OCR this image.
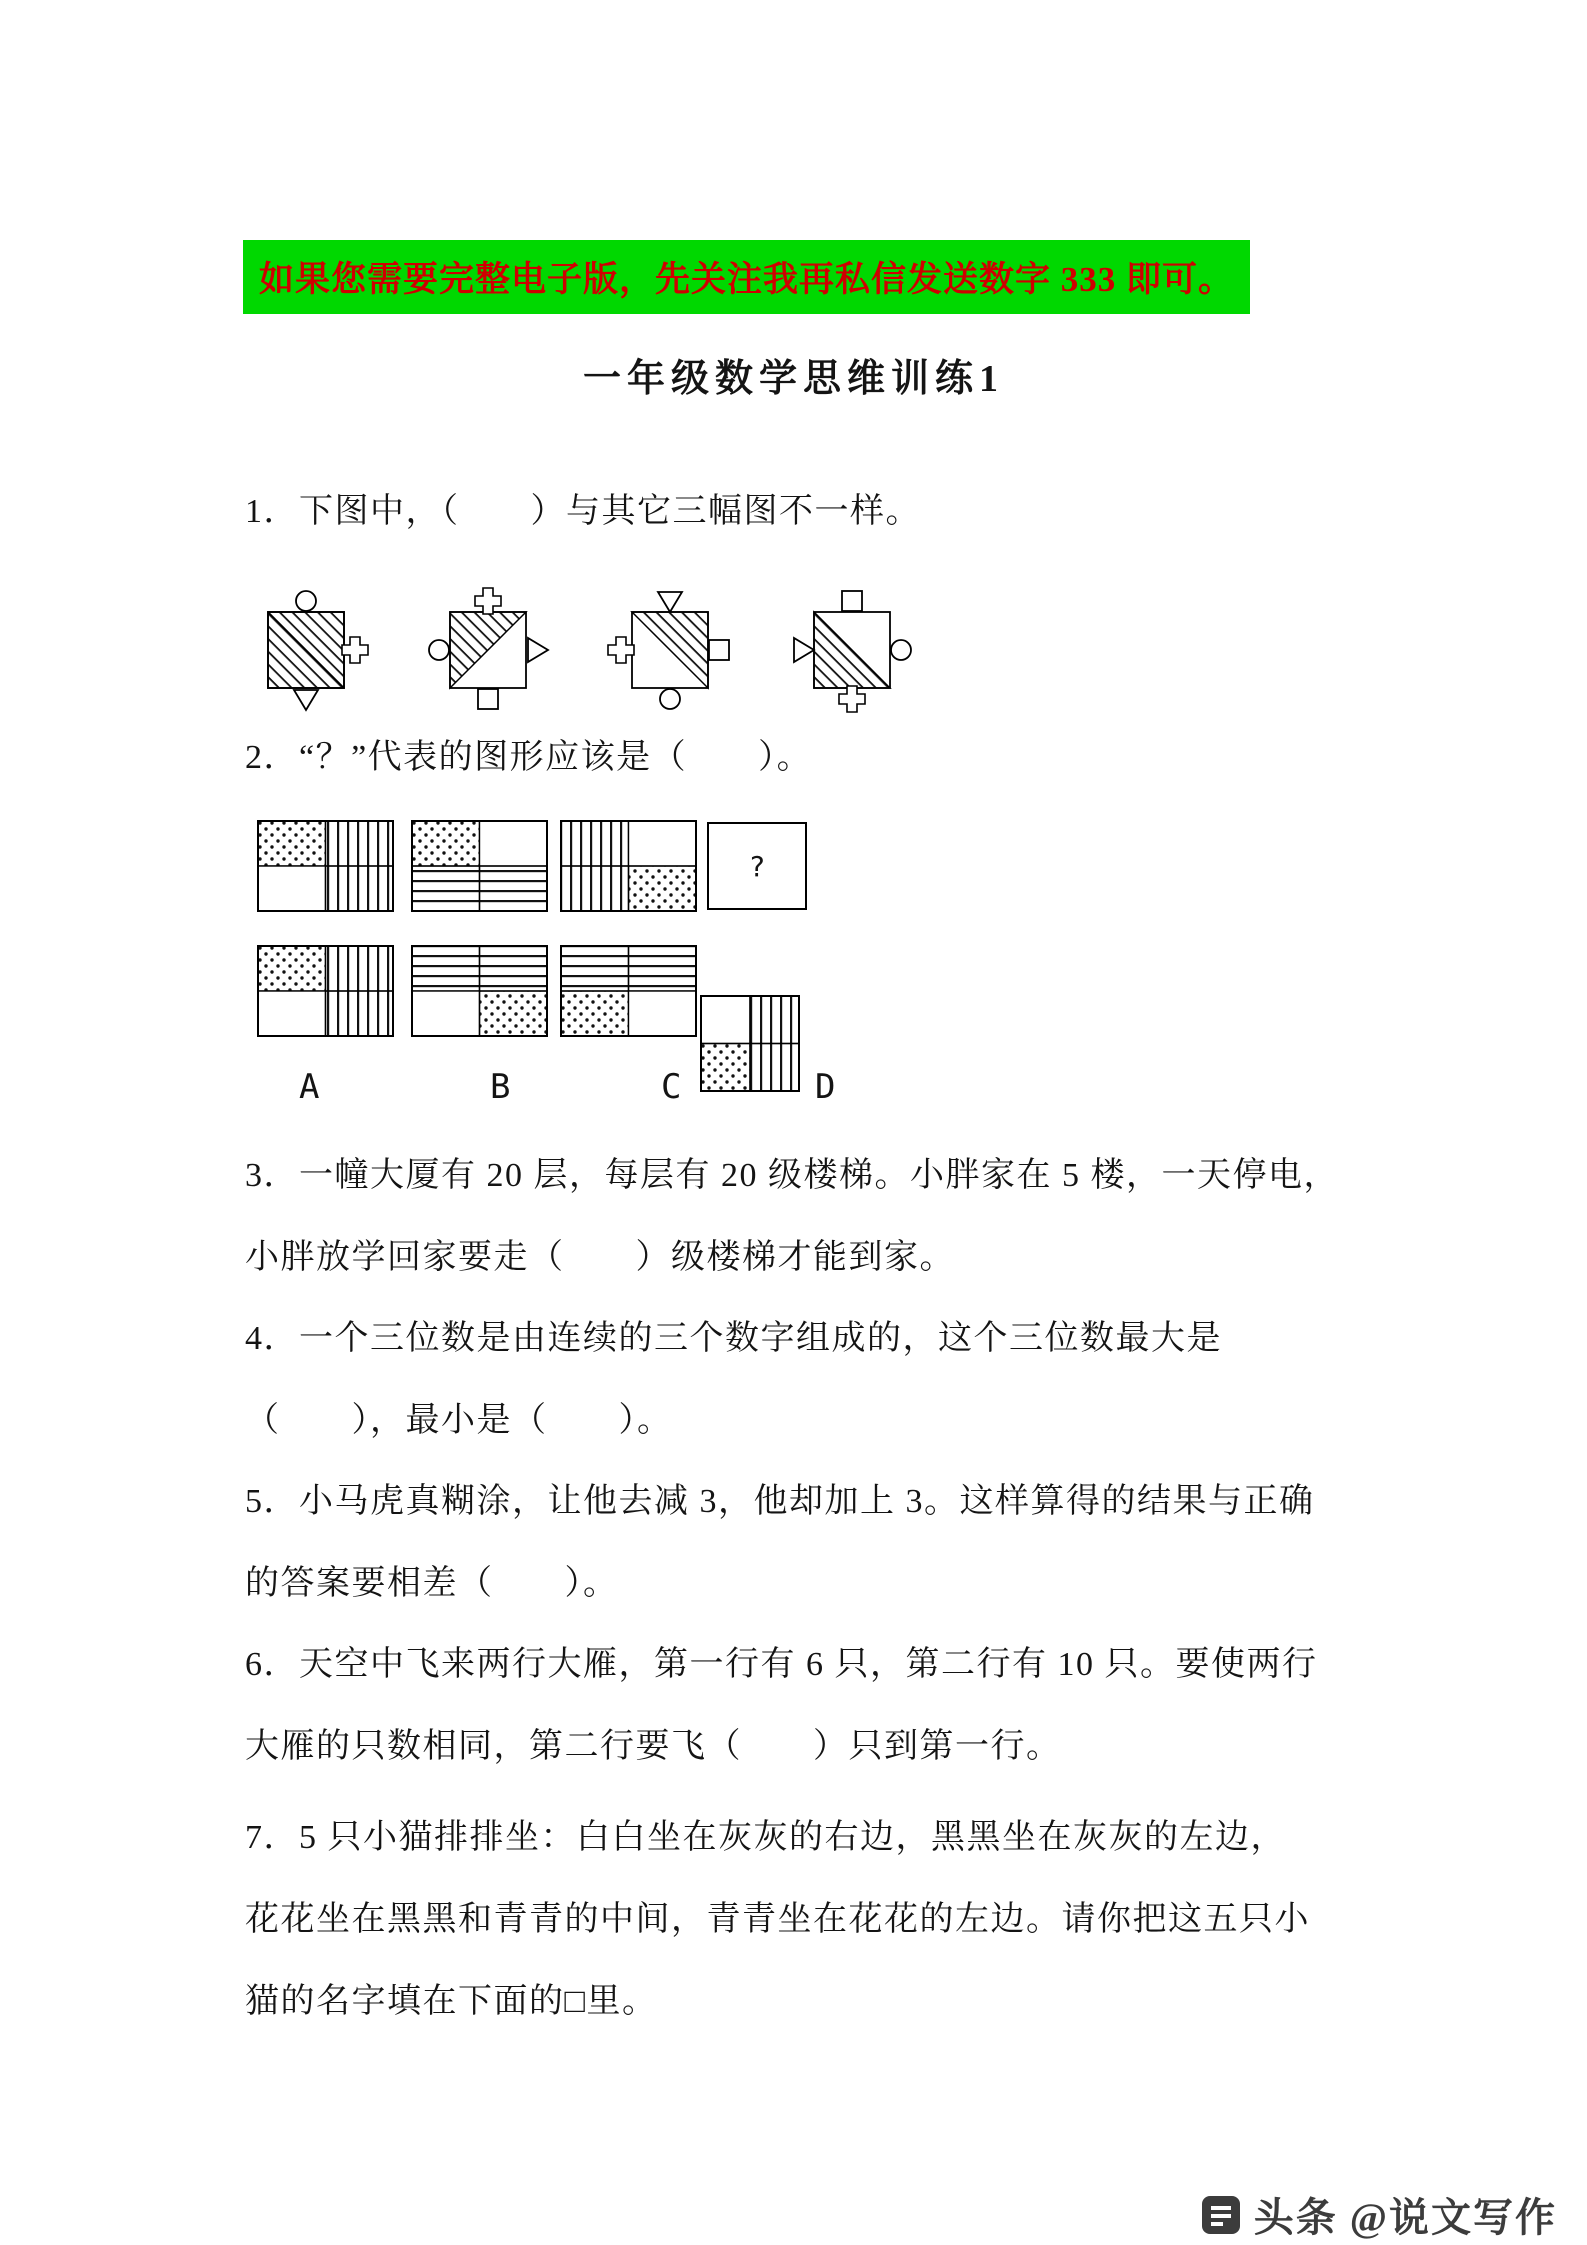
如果您需要完整电子版，先关注我再私信发送数字 333 即可。
一年级数学思维训练1
1．下图中，（　　）与其它三幅图不一样。
2．“？”代表的图形应该是（　　）。
?
A	B	C	D
3．一幢大厦有 20 层，每层有 20 级楼梯。小胖家在 5 楼，一天停电，
小胖放学回家要走（　　）级楼梯才能到家。
4．一个三位数是由连续的三个数字组成的，这个三位数最大是
（　　），最小是（　　）。
5．小马虎真糊涂，让他去减 3，他却加上 3。这样算得的结果与正确
的答案要相差（　　）。
6．天空中飞来两行大雁，第一行有 6 只，第二行有 10 只。要使两行
大雁的只数相同，第二行要飞（　　）只到第一行。
7．5 只小猫排排坐：白白坐在灰灰的右边，黑黑坐在灰灰的左边，
花花坐在黑黑和青青的中间，青青坐在花花的左边。请你把这五只小
猫的名字填在下面的□里。
头条 @说文写作
